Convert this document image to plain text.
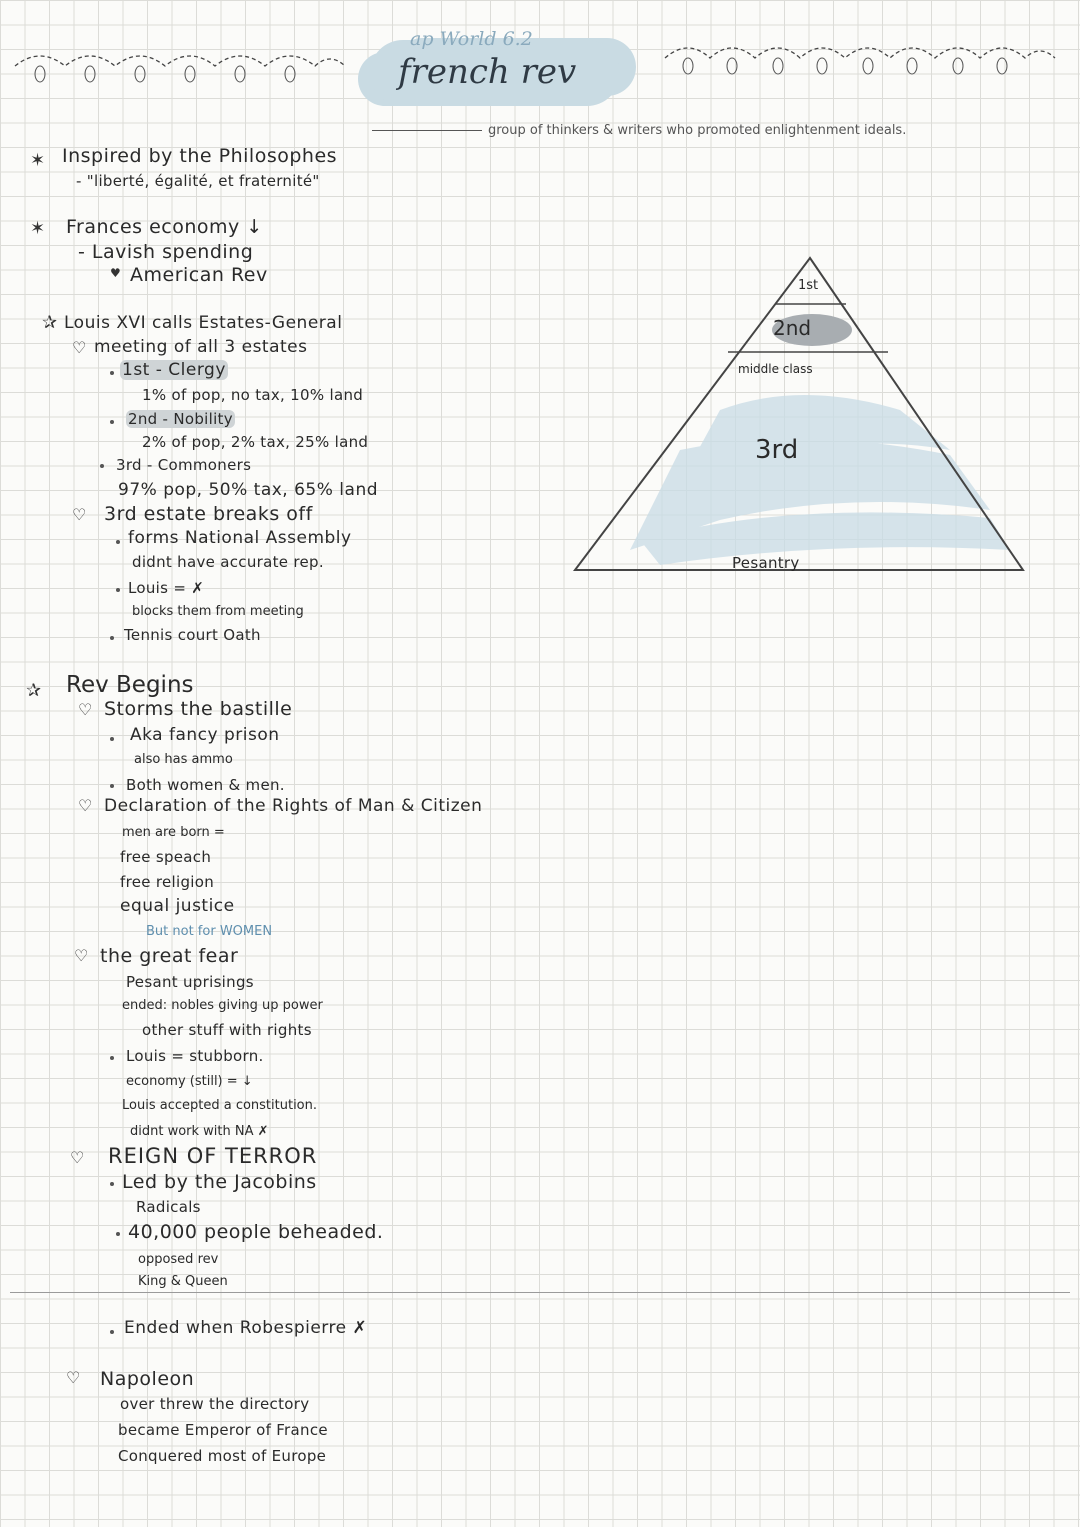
ap World 6.2
french rev
group of thinkers & writers who promoted enlightenment ideals.
✶ Inspired by the Philosophes
- "liberté, égalité, et fraternité"
✶ Frances economy ↓
- Lavish spending
♥ American Rev
✰ Louis XVI calls Estates-General
♡ meeting of all 3 estates
1st - Clergy
1% of pop, no tax, 10% land
2nd - Nobility
2% of pop, 2% tax, 25% land
3rd - Commoners
97% pop, 50% tax, 65% land
♡ 3rd estate breaks off
forms National Assembly
didnt have accurate rep.
Louis = ✗
blocks them from meeting
Tennis court Oath
1st
2nd
middle class
3rd
Pesantry
✰ Rev Begins
♡ Storms the bastille
Aka fancy prison
also has ammo
Both women & men.
♡ Declaration of the Rights of Man & Citizen
men are born =
free speach
free religion
equal justice
But not for WOMEN
♡ the great fear
Pesant uprisings
ended: nobles giving up power
other stuff with rights
Louis = stubborn.
economy (still) = ↓
Louis accepted a constitution.
didnt work with NA ✗
♡ REIGN OF TERROR
Led by the Jacobins
Radicals
40,000 people beheaded.
opposed rev
King & Queen
Ended when Robespierre ✗
♡ Napoleon
over threw the directory
became Emperor of France
Conquered most of Europe
